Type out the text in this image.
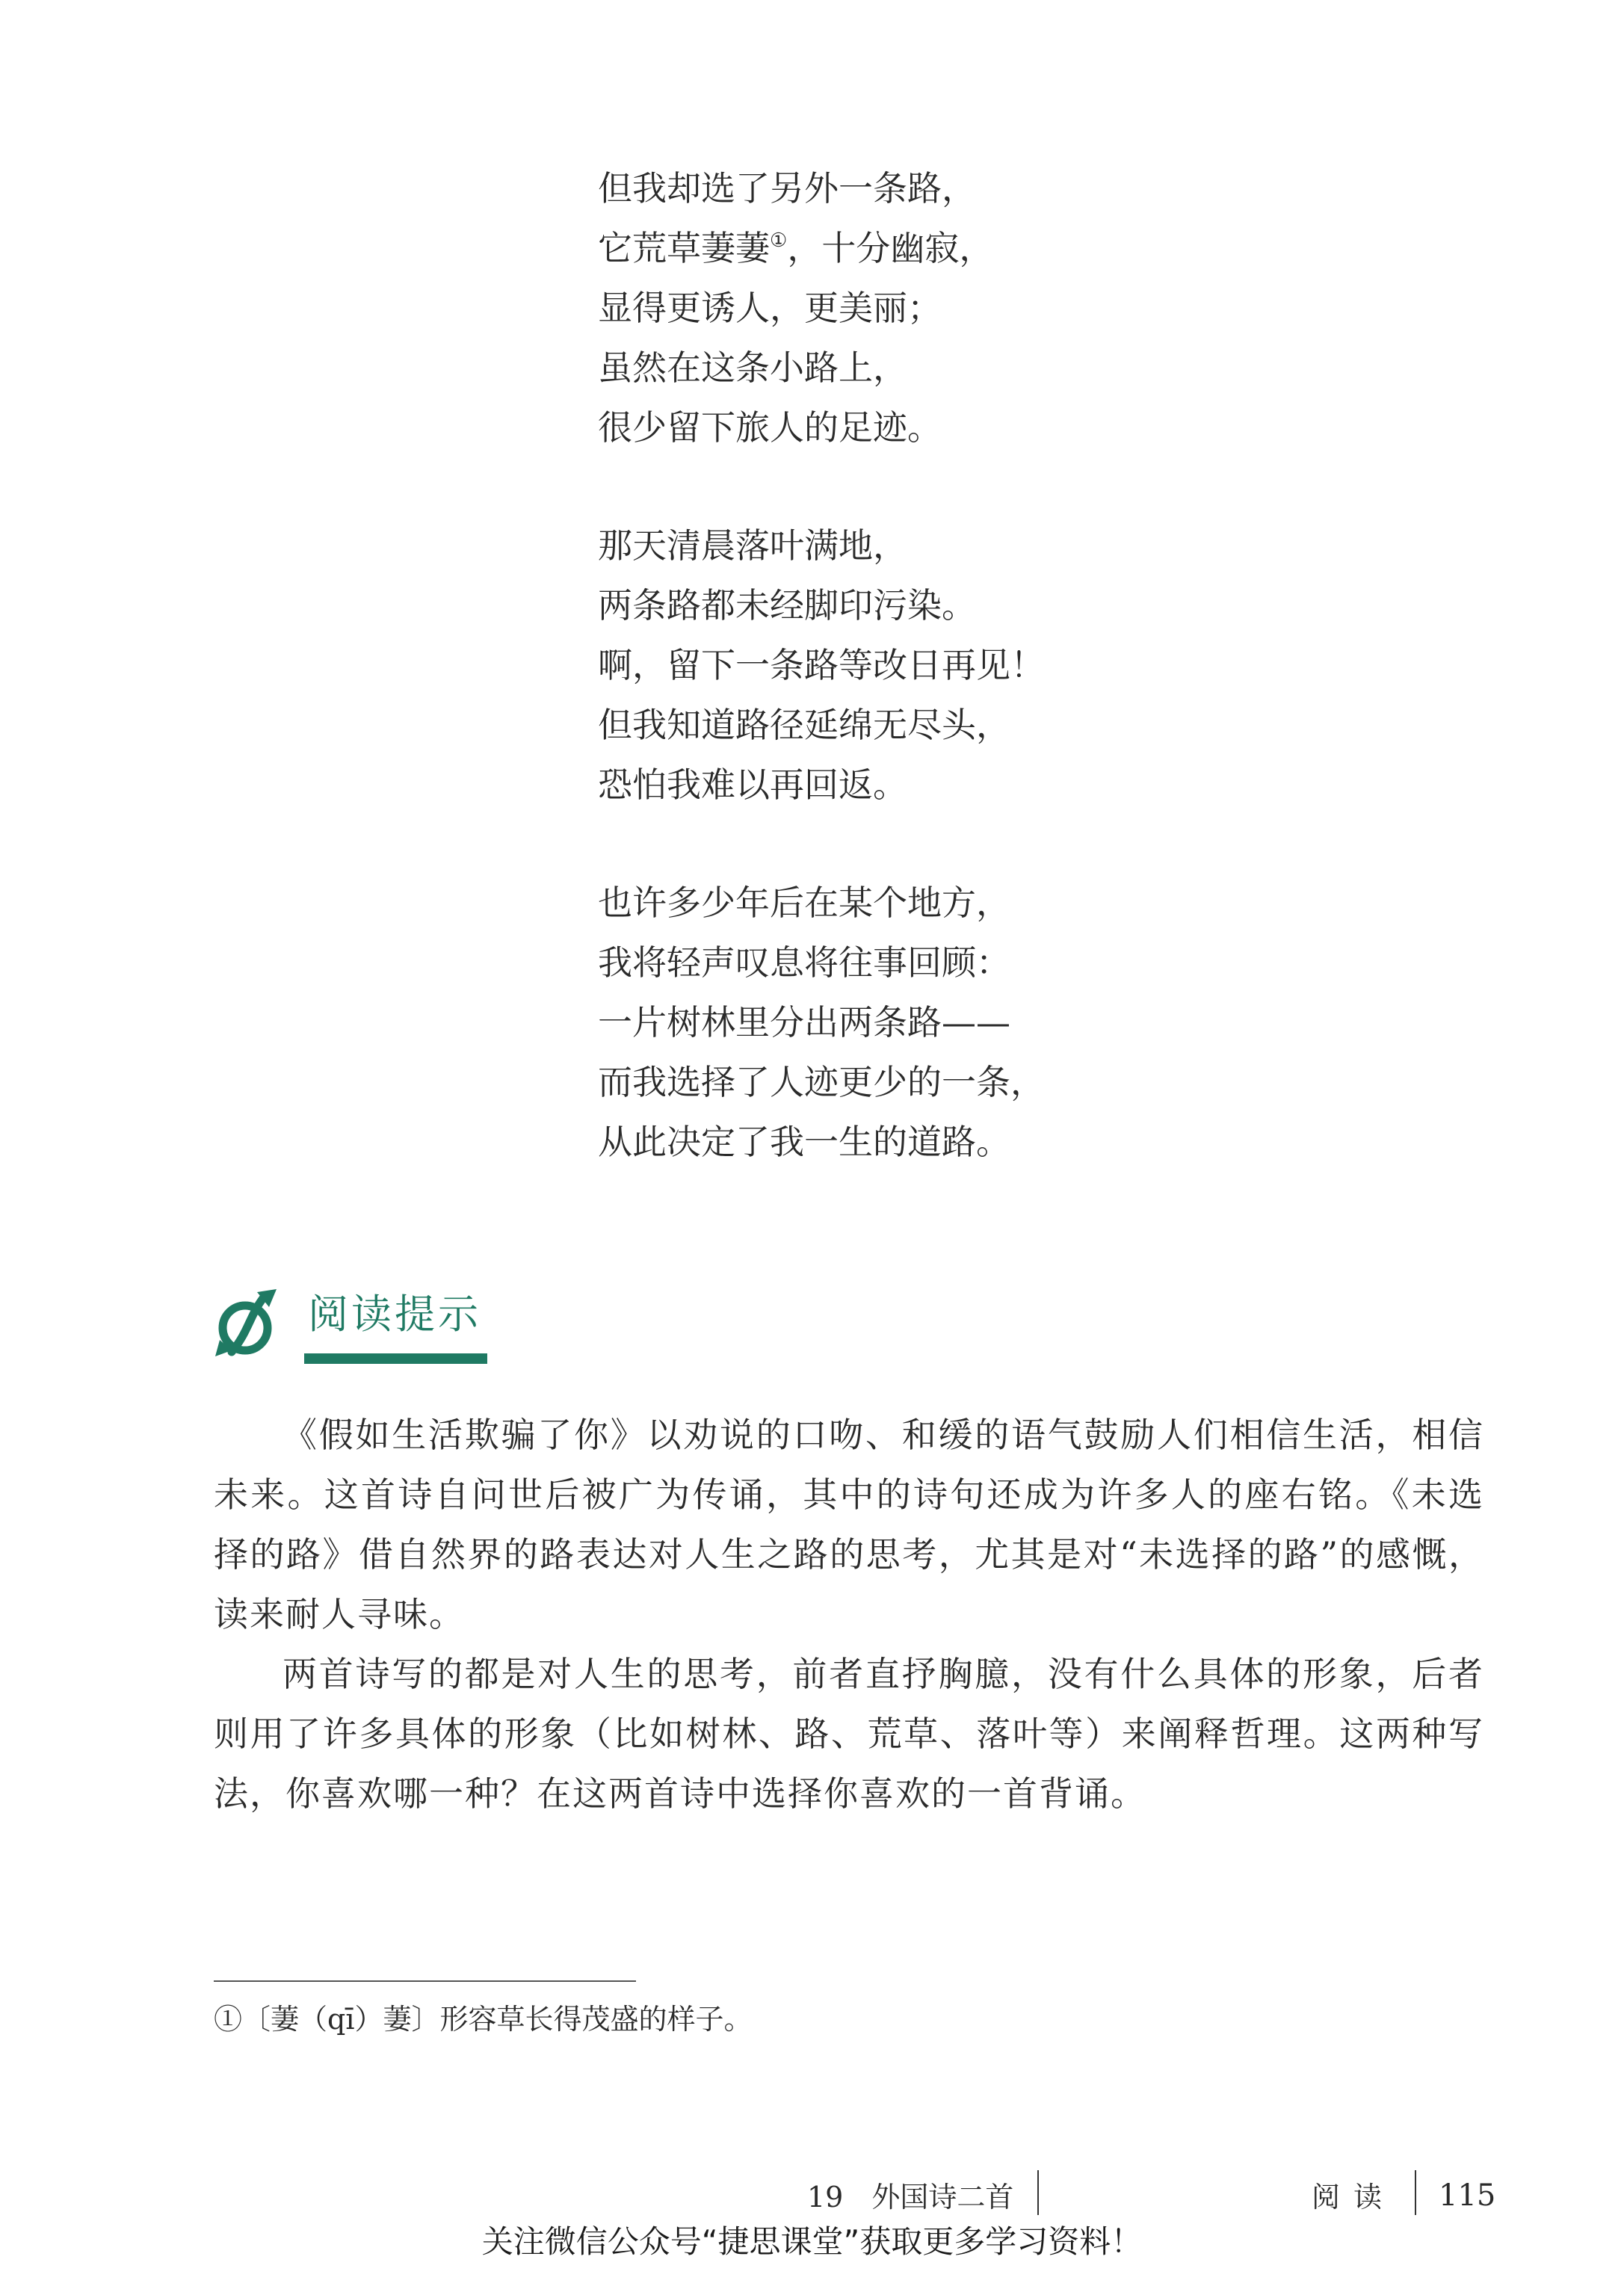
但我却选了另外一条路，
它荒草萋萋①，十分幽寂，
显得更诱人，更美丽；
虽然在这条小路上，
很少留下旅人的足迹。
那天清晨落叶满地，
两条路都未经脚印污染。
啊，留下一条路等改日再见！
但我知道路径延绵无尽头，
恐怕我难以再回返。
也许多少年后在某个地方，
我将轻声叹息将往事回顾：
一片树林里分出两条路——
而我选择了人迹更少的一条，
从此决定了我一生的道路。
阅读提示

《假如生活欺骗了你》以劝说的口吻、和缓的语气鼓励人们相信生活，相信未来。这首诗自问世后被广为传诵，其中的诗句还成为许多人的座右铭。《未选择的路》借自然界的路表达对人生之路的思考，尤其是对“未选择的路”的感慨，读来耐人寻味。

两首诗写的都是对人生的思考，前者直抒胸臆，没有什么具体的形象，后者则用了许多具体的形象（比如树林、路、荒草、落叶等）来阐释哲理。这两种写法，你喜欢哪一种？在这两首诗中选择你喜欢的一首背诵。

①〔萋（qī）萋〕形容草长得茂盛的样子。
19　外国诗二首	阅读 115
关注微信公众号“捷思课堂”获取更多学习资料！
